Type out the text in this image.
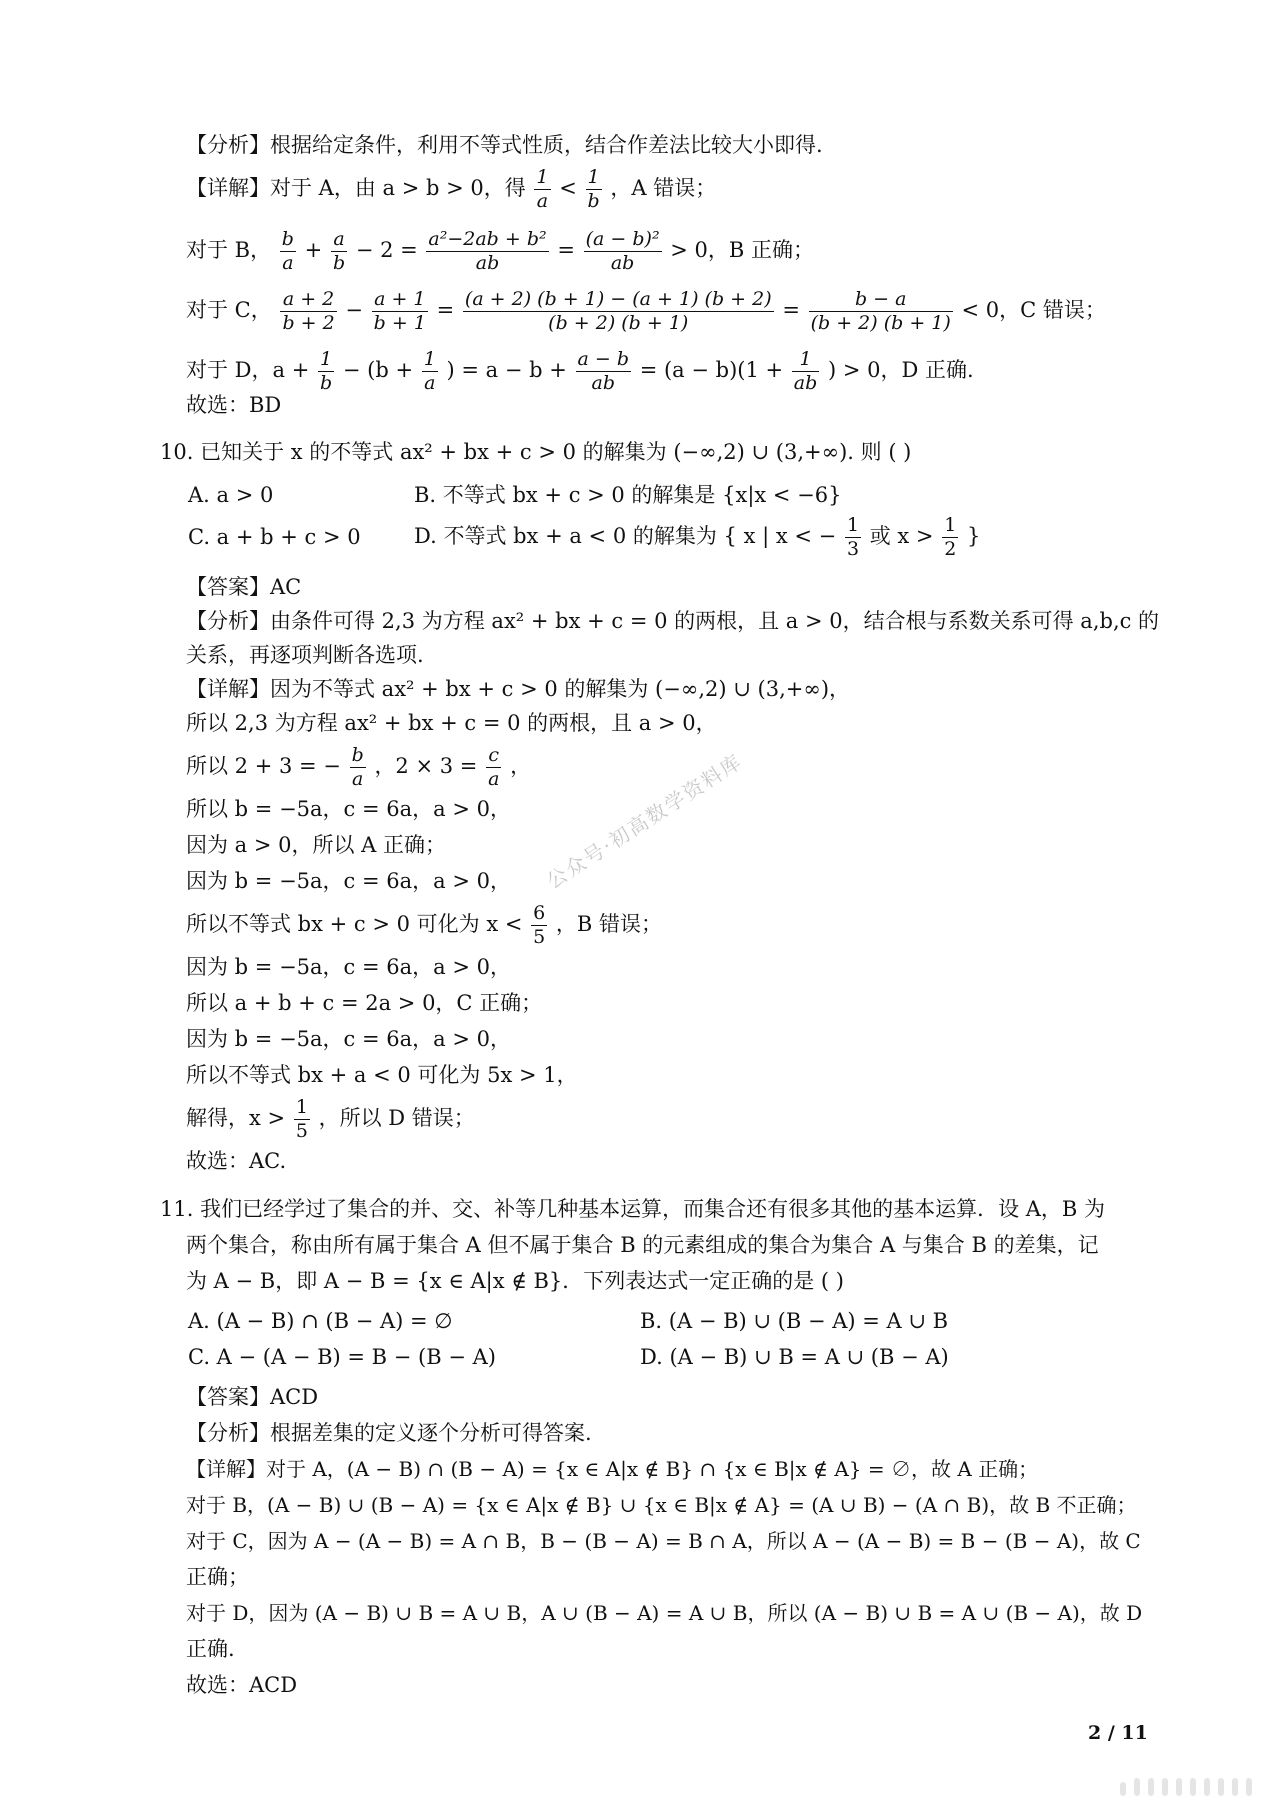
【分析】根据给定条件，利用不等式性质，结合作差法比较大小即得.
【详解】对于 A，由 a > b > 0，得 $\frac{1}{a} < \frac{1}{b}$ ，A 错误；
对于 B， $\frac{b}{a} + \frac{a}{b} - 2 = \frac{\text{a²−2ab + b²}}{ab} = \frac{\text{(a − b)²}}{ab} > 0$，B 正确；
对于 C， $\frac{a + 2}{b + 2} - \frac{a + 1}{b + 1} = \frac{(a + 2) (b + 1) - (a + 1) (b + 2)}{(b + 2) (b + 1)} = \frac{b - a}{(b + 2) (b + 1)} < 0$，C 错误；
对于 D，$a + \frac{1}{b} - (b + \frac{1}{a}$ ) = $a - b + \frac{a - b}{ab} = (a - b)(1 + \frac{1}{ab}$ ) > 0，D 正确.
故选：BD
10. 已知关于 x 的不等式 ax² + bx + c > 0 的解集为 (−∞,2) ∪ (3,+∞). 则 ( )
A. a > 0	B. 不等式 bx + c > 0 的解集是 {x|x < −6}
C. a + b + c > 0	D. 不等式 bx + a < 0 的解集为 { x | x < − $\frac{1}{3}$ 或 $x > \frac{1}{2}$ }
【答案】AC
【分析】由条件可得 2,3 为方程 ax² + bx + c = 0 的两根，且 a > 0，结合根与系数关系可得 a,b,c 的
关系，再逐项判断各选项.
【详解】因为不等式 ax² + bx + c > 0 的解集为 (−∞,2) ∪ (3,+∞)，
所以 2,3 为方程 ax² + bx + c = 0 的两根，且 a > 0，
所以 2 + 3 = − $\frac{b}{a}$ ，$2 \times 3 = \frac{c}{a}$ ，
所以 b = −5a，c = 6a，a > 0，
因为 a > 0，所以 A 正确；
因为 b = −5a，c = 6a，a > 0，
所以不等式 bx + c > 0 可化为 $x < \frac{6}{5}$ ，B 错误；
因为 b = −5a，c = 6a，a > 0，
所以 a + b + c = 2a > 0，C 正确；
因为 b = −5a，c = 6a，a > 0，
所以不等式 bx + a < 0 可化为 5x > 1，
解得，$x > \frac{1}{5}$ ，所以 D 错误；
故选：AC.
11. 我们已经学过了集合的并、交、补等几种基本运算，而集合还有很多其他的基本运算．设 A，B 为
两个集合，称由所有属于集合 A 但不属于集合 B 的元素组成的集合为集合 A 与集合 B 的差集，记
为 A − B，即 A − B = {x ∈ A|x ∉ B}．下列表达式一定正确的是 ( )
A. (A − B) ∩ (B − A) = ∅	B. (A − B) ∪ (B − A) = A ∪ B
C. A − (A − B) = B − (B − A)	D. (A − B) ∪ B = A ∪ (B − A)
【答案】ACD
【分析】根据差集的定义逐个分析可得答案.
【详解】对于 A，(A − B) ∩ (B − A) = {x ∈ A|x ∉ B} ∩ {x ∈ B|x ∉ A} = ∅，故 A 正确；
对于 B，(A − B) ∪ (B − A) = {x ∈ A|x ∉ B} ∪ {x ∈ B|x ∉ A} = (A ∪ B) − (A ∩ B)，故 B 不正确；
对于 C，因为 A − (A − B) = A ∩ B，B − (B − A) = B ∩ A，所以 A − (A − B) = B − (B − A)，故 C
正确；
对于 D，因为 (A − B) ∪ B = A ∪ B，A ∪ (B − A) = A ∪ B，所以 (A − B) ∪ B = A ∪ (B − A)，故 D
正确.
故选：ACD
公众号·初高数学资料库
2 / 11
